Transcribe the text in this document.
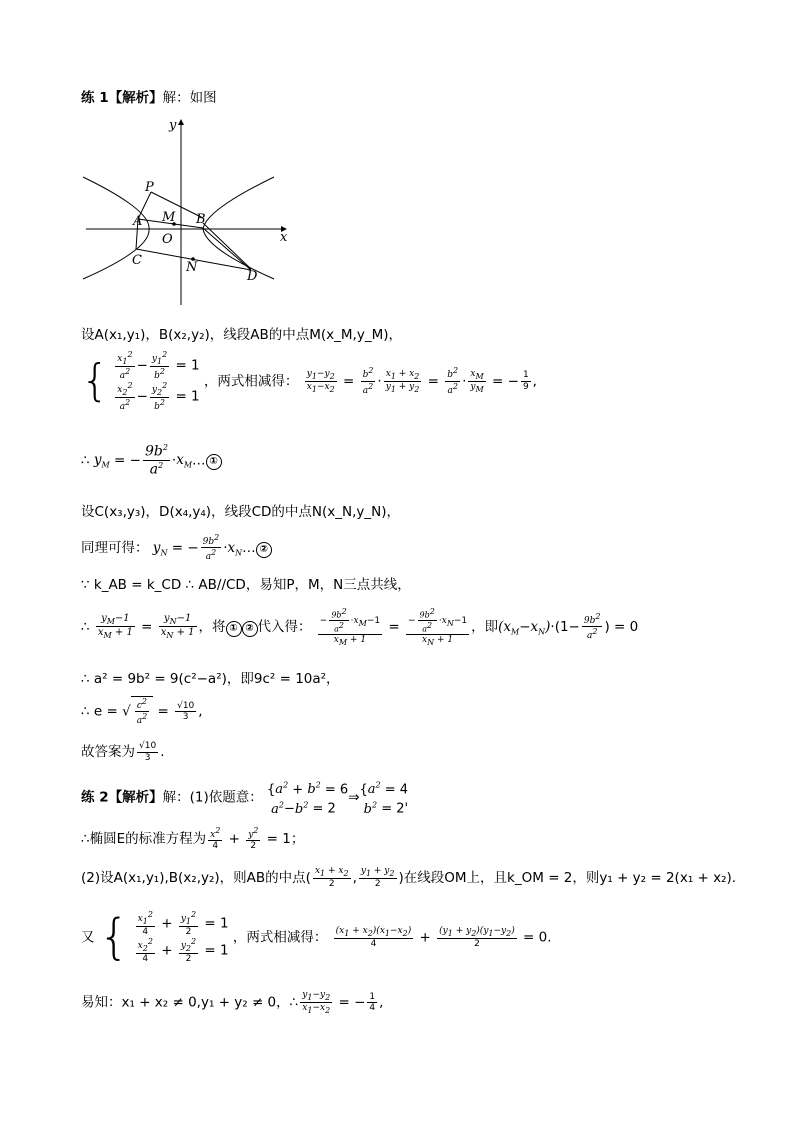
练 1【解析】解：如图
y
x
P
M B
A
O
C	N
D
设A(x₁,y₁)，B(x₂,y₂)，线段AB的中点M(x_M,y_M)，
{ $\frac{x_1^2}{a^2} - \frac{y_1^2}{b^2} = 1$
$\frac{x_2^2}{a^2} - \frac{y_2^2}{b^2} = 1$
，两式相减得： $\frac{y_1-y_2}{x_1-x_2} = \frac{b^2}{a^2} \cdot \frac{x_1 + x_2}{y_1 + y_2} = \frac{b^2}{a^2} \cdot \frac{x_M}{y_M}$ = − $\frac{1}{9}$ ,
∴ $y_M$ = − $\frac{9b^2}{a^2}$ $\cdot x_M\dots$ ①
设C(x₃,y₃)，D(x₄,y₄)，线段CD的中点N(x_N,y_N)，
同理可得： $y_N$ = − $\frac{9b^2}{a^2}$ $\cdot x_N\dots$ ②
∵ k_AB = k_CD ∴ AB//CD，易知P，M，N三点共线，
∴ $\frac{y_M-1}{x_M + 1} = \frac{y_N-1}{x_N + 1}$ ，将 ① ② 代入得： $\frac{- \frac{9b^2}{a^2} \cdot x_M-1}{x_M + 1} = \frac{- \frac{9b^2}{a^2} \cdot x_N-1}{x_N + 1}$ ，即$(x_M-x_N)\cdot(1- \frac{9b^2}{a^2}$ ) = 0
∴ a² = 9b² = 9(c²−a²)，即9c² = 10a²，
∴ e = √ $\frac{c^2}{a^2} = \frac{√10}{3}$ ,
故答案为 $\frac{√10}{3}$ .
练 2【解析】解：(1)依题意： {$a^2 + b^2 = 6$
$a^2-b^2 = 2$
⇒ {$a^2 = 4$
$b^2 = 2'$
∴椭圆E的标准方程为 $\frac{x^2}{4} + \frac{y^2}{2} = 1$；
(2)设A(x₁,y₁),B(x₂,y₂)，则AB的中点( $\frac{x_1 + x_2}{2}$ , $\frac{y_1 + y_2}{2}$ )在线段OM上，且k_OM = 2，则y₁ + y₂ = 2(x₁ + x₂).
又 { $\frac{x_1^2}{4} + \frac{y_1^2}{2} = 1$
$\frac{x_2^2}{4} + \frac{y_2^2}{2} = 1$
，两式相减得： $\frac{(x_1 + x_2)(x_1-x_2)}{4} + \frac{(y_1 + y_2)(y_1-y_2)}{2} = 0$.
易知：x₁ + x₂ ≠ 0,y₁ + y₂ ≠ 0，∴ $\frac{y_1-y_2}{x_1-x_2}$ = − $\frac{1}{4}$ ,
